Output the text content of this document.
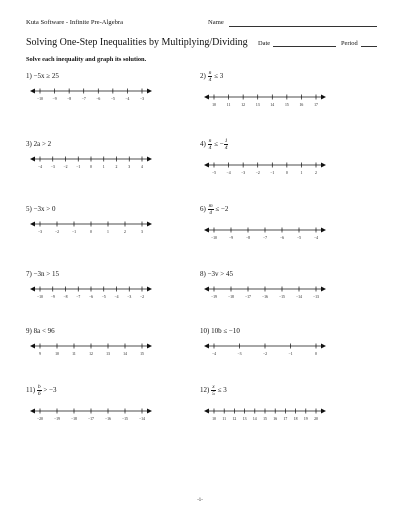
Kuta Software - Infinite Pre-Algebra	Name
Solving One-Step Inequalities by Multiplying/Dividing Date	Period
Solve each inequality and graph its solution.
1) −5x ≥ 25
−10	−9	−8	−7	−6	−5	−4	−3
$2) \frac{n}{4} \le 3$
10	11	12	13	14	15	16	17
3) 2a > 2
−4 −3 −2 −1	0	1	2	3	4
$4) \frac{n}{4}$ ≤ − $\frac{1}{4}$
−5	−4	−3	−2	−1	0	1	2
5) −3x > 0
−3	−2	−1	0	1	2	3
$6) \frac{m}{4} \le -2$
−10	−9	−8	−7	−6	−5	−4
7) −3n > 15
−10 −9 −8 −7 −6 −5 −4 −3 −2
8) −3v > 45
−19	−18	−17	−16	−15	−14	−13
9) 8a < 96
9	10	11	12	13	14	15
10) 10b ≤ −10
−4	−3	−2	−1	0
$11) \frac{b}{6} > -3$
−20	−19	−18	−17	−16	−15	−14
$12) \frac{x}{5} \le 3$
10 11 12 13 14 15 16 17 18 19 20
-1-
